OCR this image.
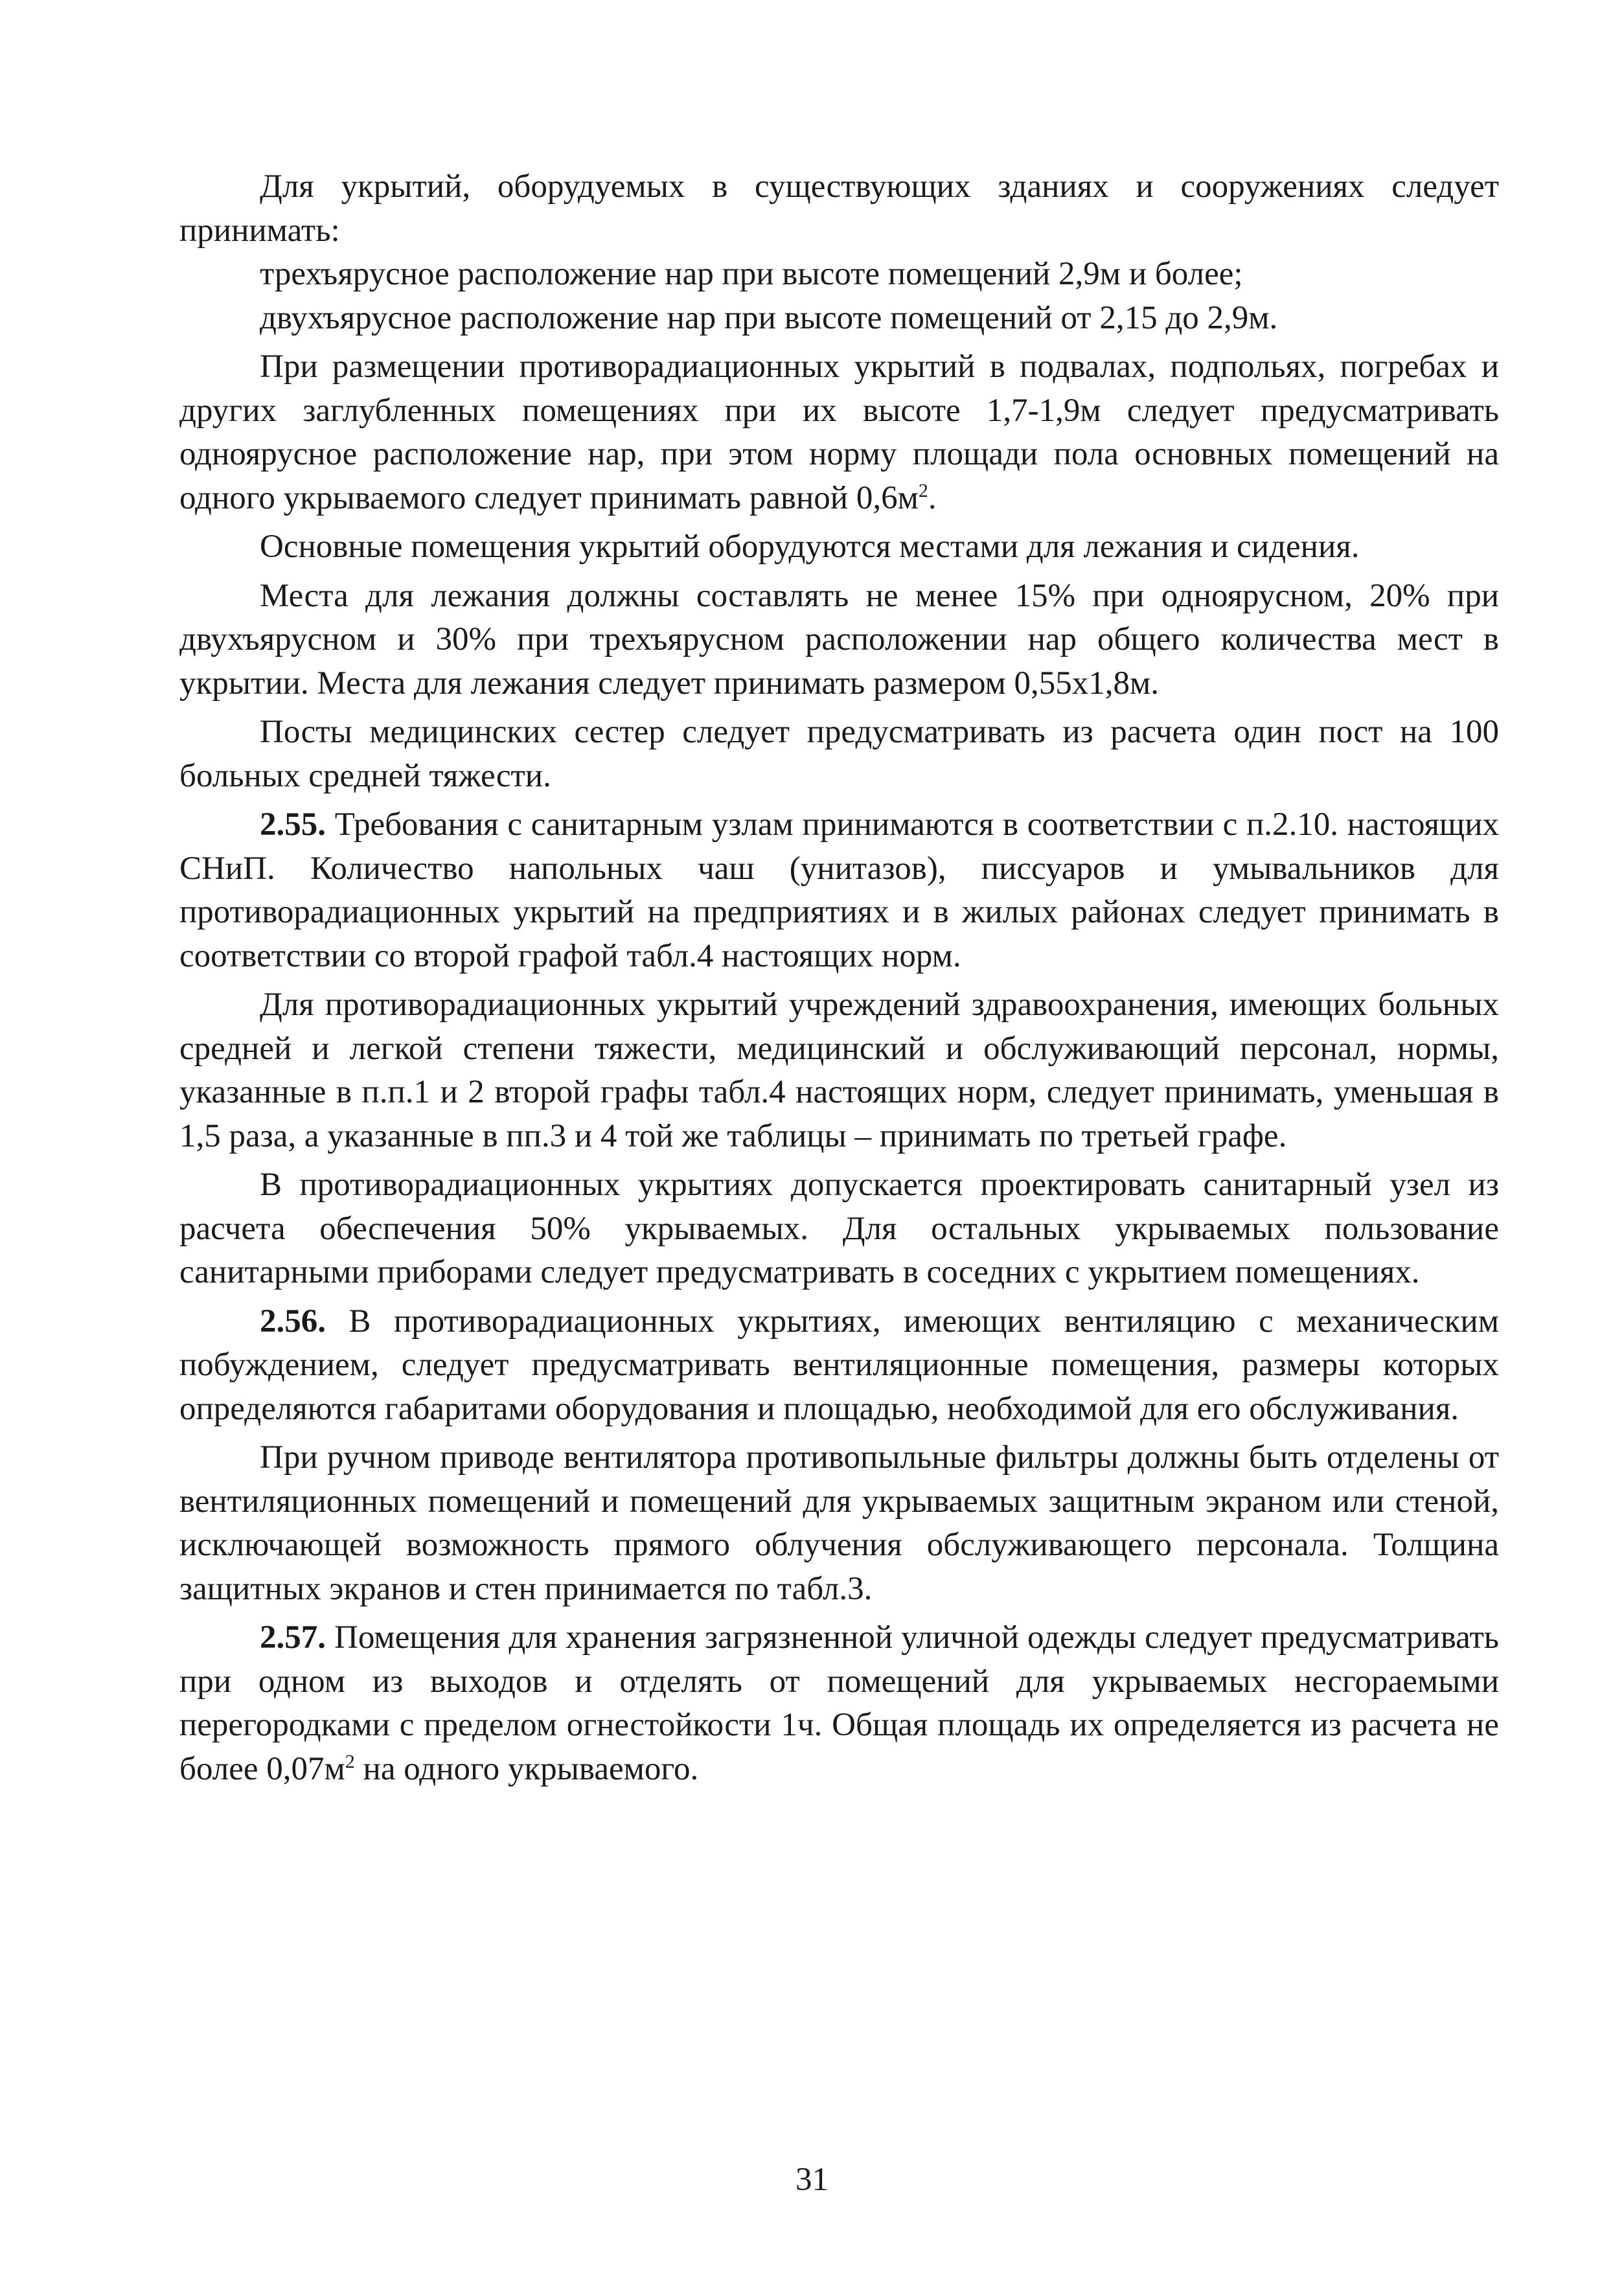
Для укрытий, оборудуемых в существующих зданиях и сооружениях следует принимать:

трехъярусное расположение нар при высоте помещений 2,9м и более;

двухъярусное расположение нар при высоте помещений от 2,15 до 2,9м.

При размещении противорадиационных укрытий в подвалах, подпольях, погребах и других заглубленных помещениях при их высоте 1,7-1,9м следует предусматривать одноярусное расположение нар, при этом норму площади пола основных помещений на одного укрываемого следует принимать равной $0,6м^2$.

Основные помещения укрытий оборудуются местами для лежания и сидения.

Места для лежания должны составлять не менее 15% при одноярусном, 20% при двухъярусном и 30% при трехъярусном расположении нар общего количества мест в укрытии. Места для лежания следует принимать размером 0,55х1,8м.

Посты медицинских сестер следует предусматривать из расчета один пост на 100 больных средней тяжести.

2.55. Требования с санитарным узлам принимаются в соответствии с п.2.10. настоящих СНиП. Количество напольных чаш (унитазов), писсуаров и умывальников для противорадиационных укрытий на предприятиях и в жилых районах следует принимать в соответствии со второй графой табл.4 настоящих норм.

Для противорадиационных укрытий учреждений здравоохранения, имеющих больных средней и легкой степени тяжести, медицинский и обслуживающий персонал, нормы, указанные в п.п.1 и 2 второй графы табл.4 настоящих норм, следует принимать, уменьшая в 1,5 раза, а указанные в пп.3 и 4 той же таблицы – принимать по третьей графе.

В противорадиационных укрытиях допускается проектировать санитарный узел из расчета обеспечения 50% укрываемых. Для остальных укрываемых пользование санитарными приборами следует предусматривать в соседних с укрытием помещениях.

2.56. В противорадиационных укрытиях, имеющих вентиляцию с механическим побуждением, следует предусматривать вентиляционные помещения, размеры которых определяются габаритами оборудования и площадью, необходимой для его обслуживания.

При ручном приводе вентилятора противопыльные фильтры должны быть отделены от вентиляционных помещений и помещений для укрываемых защитным экраном или стеной, исключающей возможность прямого облучения обслуживающего персонала. Толщина защитных экранов и стен принимается по табл.3.

2.57. Помещения для хранения загрязненной уличной одежды следует предусматривать при одном из выходов и отделять от помещений для укрываемых несгораемыми перегородками с пределом огнестойкости 1ч. Общая площадь их определяется из расчета не более $0,07м^2$ на одного укрываемого.

31
